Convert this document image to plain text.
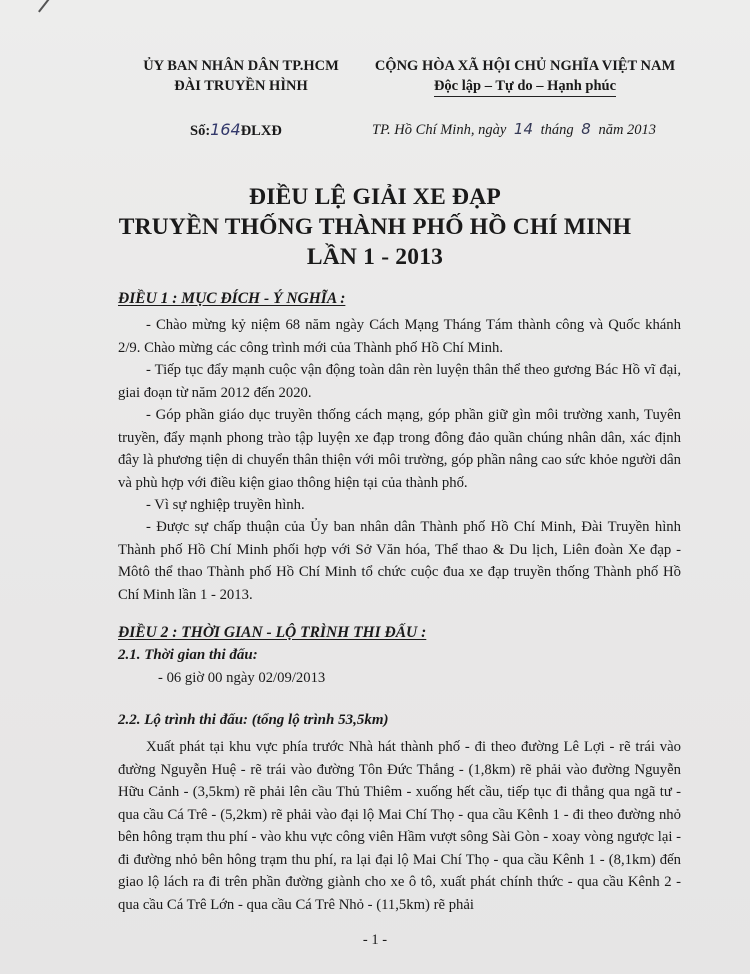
ỦY BAN NHÂN DÂN TP.HCM
ĐÀI TRUYỀN HÌNH
CỘNG HÒA XÃ HỘI CHỦ NGHĨA VIỆT NAM
Độc lập – Tự do – Hạnh phúc
Số:164ĐLXĐ	TP. Hồ Chí Minh, ngày 14 tháng 8 năm 2013
ĐIỀU LỆ GIẢI XE ĐẠP
TRUYỀN THỐNG THÀNH PHỐ HỒ CHÍ MINH
LẦN 1 - 2013
ĐIỀU 1 : MỤC ĐÍCH - Ý NGHĨA :
- Chào mừng kỷ niệm 68 năm ngày Cách Mạng Tháng Tám thành công và Quốc khánh 2/9. Chào mừng các công trình mới của Thành phố Hồ Chí Minh.
- Tiếp tục đẩy mạnh cuộc vận động toàn dân rèn luyện thân thể theo gương Bác Hồ vĩ đại, giai đoạn từ năm 2012 đến 2020.
- Góp phần giáo dục truyền thống cách mạng, góp phần giữ gìn môi trường xanh, Tuyên truyền, đẩy mạnh phong trào tập luyện xe đạp trong đông đảo quần chúng nhân dân, xác định đây là phương tiện di chuyển thân thiện với môi trường, góp phần nâng cao sức khỏe người dân và phù hợp với điều kiện giao thông hiện tại của thành phố.
- Vì sự nghiệp truyền hình.
- Được sự chấp thuận của Ủy ban nhân dân Thành phố Hồ Chí Minh, Đài Truyền hình Thành phố Hồ Chí Minh phối hợp với Sở Văn hóa, Thể thao & Du lịch, Liên đoàn Xe đạp - Môtô thể thao Thành phố Hồ Chí Minh tổ chức cuộc đua xe đạp truyền thống Thành phố Hồ Chí Minh lần 1 - 2013.
ĐIỀU 2 : THỜI GIAN - LỘ TRÌNH THI ĐẤU :
2.1. Thời gian thi đấu:
- 06 giờ 00 ngày 02/09/2013
2.2. Lộ trình thi đấu: (tổng lộ trình 53,5km)
Xuất phát tại khu vực phía trước Nhà hát thành phố - đi theo đường Lê Lợi - rẽ trái vào đường Nguyễn Huệ - rẽ trái vào đường Tôn Đức Thắng - (1,8km) rẽ phải vào đường Nguyễn Hữu Cảnh - (3,5km) rẽ phải lên cầu Thủ Thiêm - xuống hết cầu, tiếp tục đi thẳng qua ngã tư - qua cầu Cá Trê - (5,2km) rẽ phải vào đại lộ Mai Chí Thọ - qua cầu Kênh 1 - đi theo đường nhỏ bên hông trạm thu phí - vào khu vực công viên Hầm vượt sông Sài Gòn - xoay vòng ngược lại - đi đường nhỏ bên hông trạm thu phí, ra lại đại lộ Mai Chí Thọ - qua cầu Kênh 1 - (8,1km) đến giao lộ lách ra đi trên phần đường giành cho xe ô tô, xuất phát chính thức - qua cầu Kênh 2 - qua cầu Cá Trê Lớn - qua cầu Cá Trê Nhỏ - (11,5km) rẽ phải
- 1 -
